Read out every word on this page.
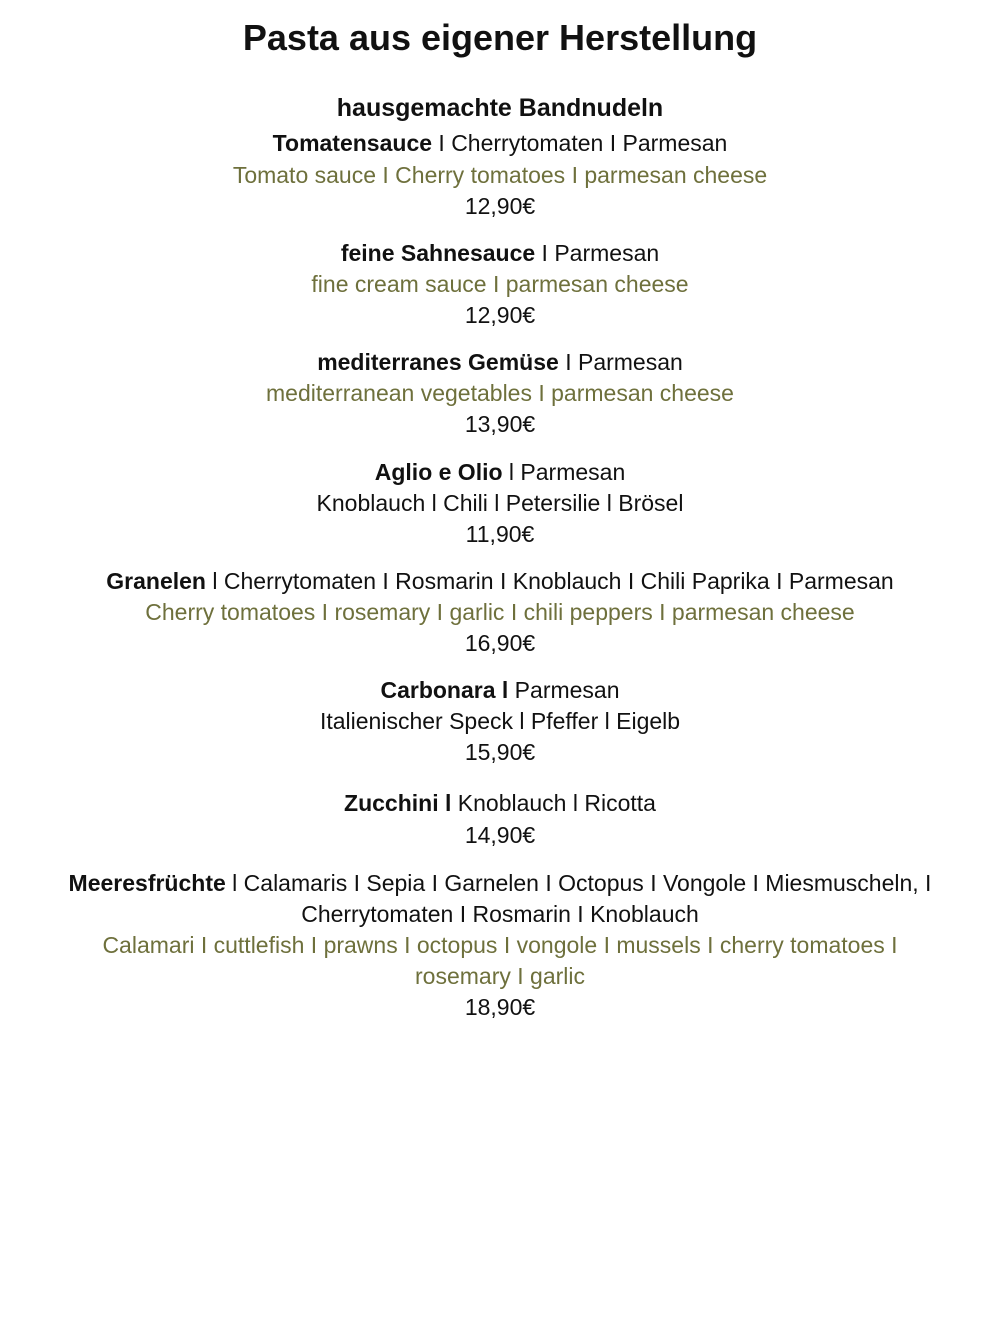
Pasta aus eigener Herstellung
hausgemachte Bandnudeln
Tomatensauce I Cherrytomaten I Parmesan
Tomato sauce I Cherry tomatoes I parmesan cheese
12,90€
feine Sahnesauce I Parmesan
fine cream sauce I parmesan cheese
12,90€
mediterranes Gemüse I Parmesan
mediterranean vegetables I parmesan cheese
13,90€
Aglio e Olio l Parmesan
Knoblauch l Chili l Petersilie l Brösel
11,90€
Granelen l Cherrytomaten I Rosmarin I Knoblauch I Chili Paprika I Parmesan
Cherry tomatoes I rosemary I garlic I chili peppers I parmesan cheese
16,90€
Carbonara l Parmesan
Italienischer Speck l Pfeffer l Eigelb
15,90€
Zucchini l Knoblauch l Ricotta
14,90€
Meeresfrüchte l Calamaris I Sepia I Garnelen I Octopus I Vongole I Miesmuscheln, I
Cherrytomaten I Rosmarin I Knoblauch
Calamari I cuttlefish I prawns I octopus I vongole I mussels I cherry tomatoes I
rosemary I garlic
18,90€
